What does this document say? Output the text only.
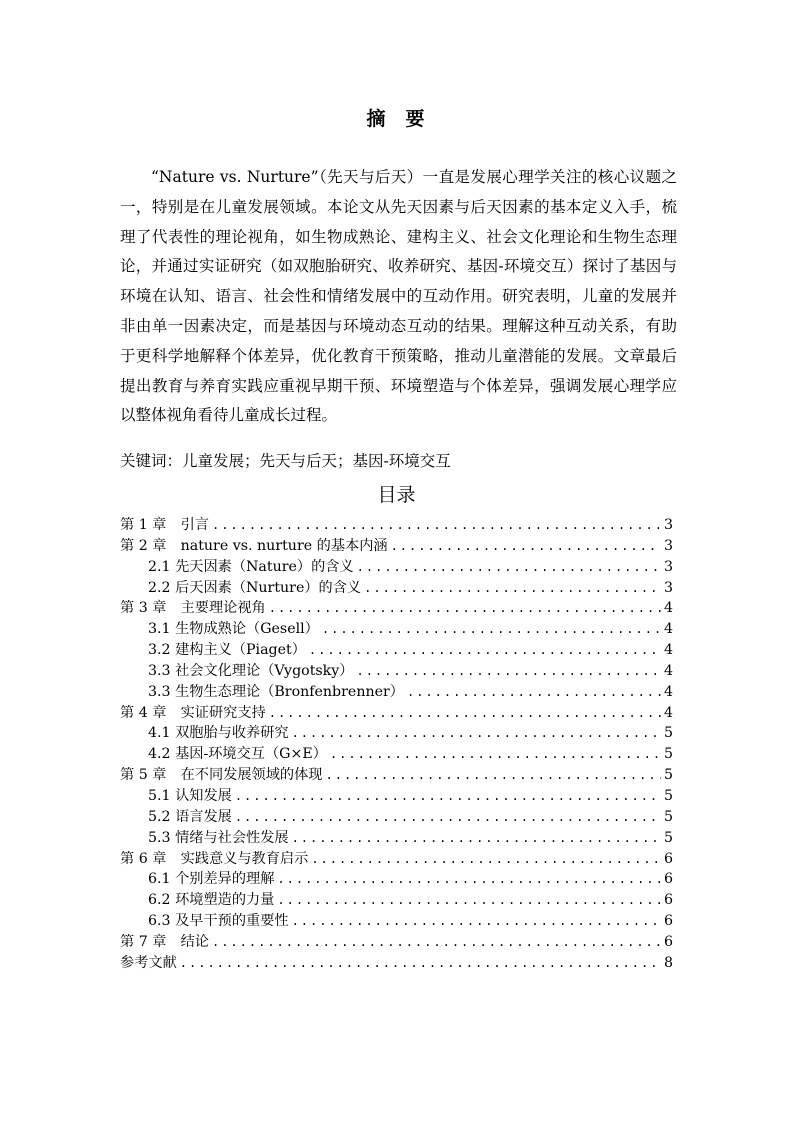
摘 要

“Nature vs. Nurture”（先天与后天）一直是发展心理学关注的核心议题之一，特别是在儿童发展领域。本论文从先天因素与后天因素的基本定义入手，梳理了代表性的理论视角，如生物成熟论、建构主义、社会文化理论和生物生态理论，并通过实证研究（如双胞胎研究、收养研究、基因-环境交互）探讨了基因与环境在认知、语言、社会性和情绪发展中的互动作用。研究表明，儿童的发展并非由单一因素决定，而是基因与环境动态互动的结果。理解这种互动关系，有助于更科学地解释个体差异，优化教育干预策略，推动儿童潜能的发展。文章最后提出教育与养育实践应重视早期干预、环境塑造与个体差异，强调发展心理学应以整体视角看待儿童成长过程。

关键词：儿童发展；先天与后天；基因-环境交互
目录
第 1 章　引言 .....	3
第 2 章　nature vs. nurture 的基本内涵 .....	3
2.1 先天因素（Nature）的含义 .....	3
2.2 后天因素（Nurture）的含义 .....	3
第 3 章　主要理论视角 .....	4
3.1 生物成熟论（Gesell） .....	4
3.2 建构主义（Piaget） .....	4
3.3 社会文化理论（Vygotsky） .....	4
3.3 生物生态理论（Bronfenbrenner） .....	4
第 4 章　实证研究支持 .....	4
4.1 双胞胎与收养研究 .....	5
4.2 基因-环境交互（G×E） .....	5
第 5 章　在不同发展领域的体现 .....	5
5.1 认知发展 .....	5
5.2 语言发展 .....	5
5.3 情绪与社会性发展 .....	5
第 6 章　实践意义与教育启示 .....	6
6.1 个别差异的理解 .....	6
6.2 环境塑造的力量 .....	6
6.3 及早干预的重要性 .....	6
第 7 章　结论 .....	6
参考文献 .....	8
